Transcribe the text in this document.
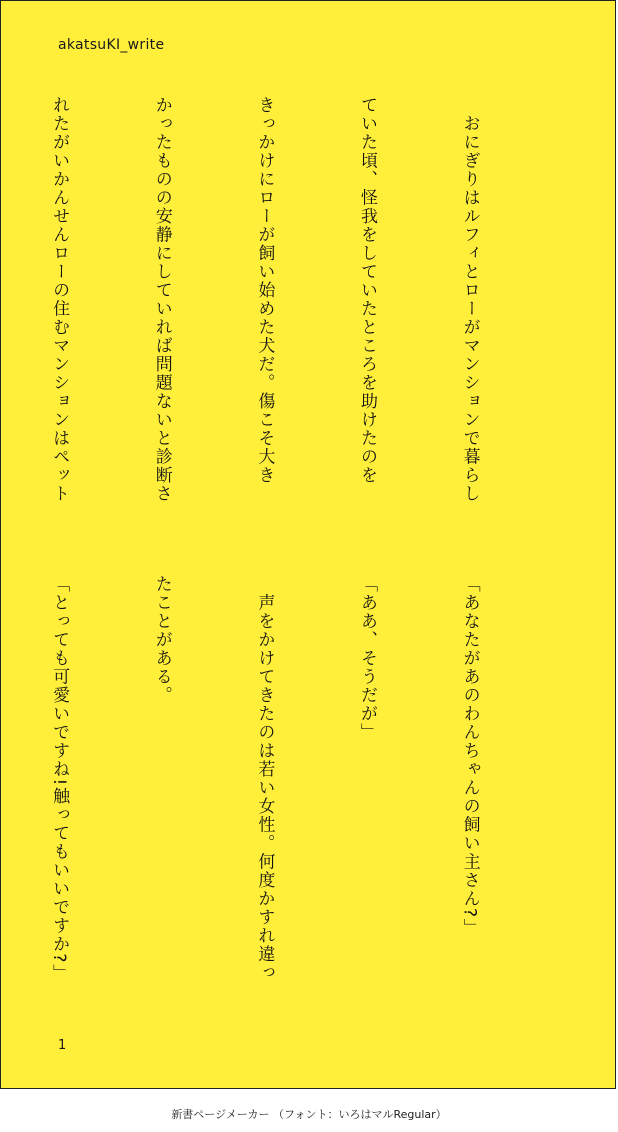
akatsuKI_write

　おにぎりはルフィとローがマンションで暮らし

ていた頃、怪我をしていたところを助けたのを

きっかけにローが飼い始めた犬だ。傷こそ大き

かったものの安静にしていれば問題ないと診断さ

れたがいかんせんローの住むマンションはペット

「あなたがあのわんちゃんの飼い主さん?」

「ああ、そうだが」

　声をかけてきたのは若い女性。何度かすれ違っ

たことがある。

「とっても可愛いですね!触ってもいいですか?」

1
新書ページメーカー （フォント：いろはマルRegular）
